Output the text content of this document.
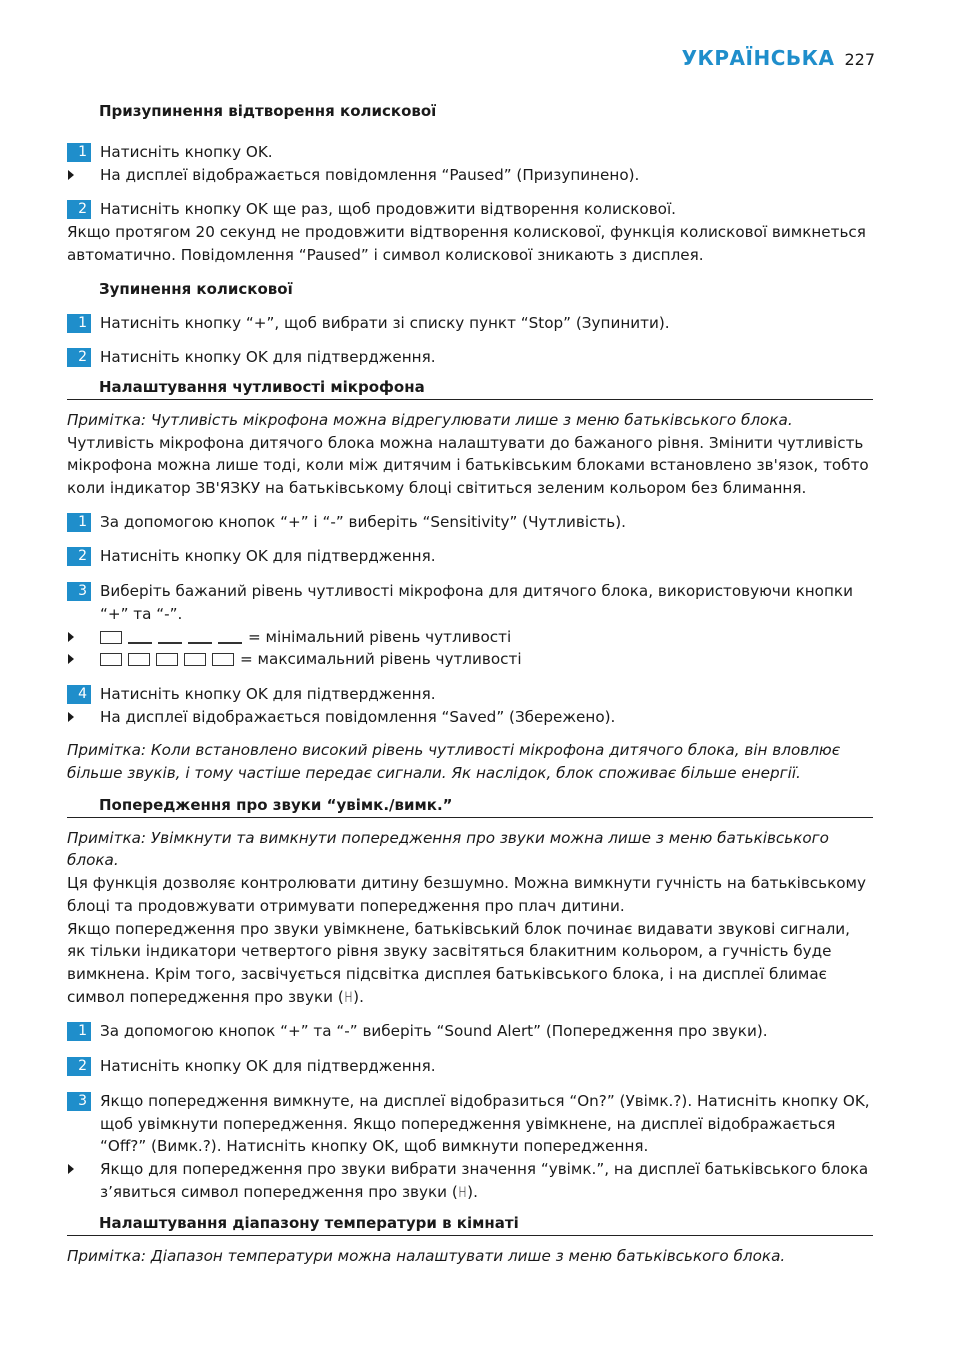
УКРАЇНСЬКА 227

Призупинення відтворення колискової

1 Натисніть кнопку OK.

На дисплеї відображається повідомлення “Paused” (Призупинено).

2 Натисніть кнопку OK ще раз, щоб продовжити відтворення колискової.

Якщо протягом 20 секунд не продовжити відтворення колискової, функція колискової вимкнеться автоматично. Повідомлення “Paused” і символ колискової зникають з дисплея.

Зупинення колискової

1 Натисніть кнопку “+”, щоб вибрати зі списку пункт “Stop” (Зупинити).

2 Натисніть кнопку OK для підтвердження.

Налаштування чутливості мікрофона

Примітка: Чутливість мікрофона можна відрегулювати лише з меню батьківського блока.

Чутливість мікрофона дитячого блока можна налаштувати до бажаного рівня. Змінити чутливість мікрофона можна лише тоді, коли між дитячим і батьківським блоками встановлено зв'язок, тобто коли індикатор ЗВ'ЯЗКУ на батьківському блоці світиться зеленим кольором без блимання.

1 За допомогою кнопок “+” і “-” виберіть “Sensitivity” (Чутливість).

2 Натисніть кнопку OK для підтвердження.

3 Виберіть бажаний рівень чутливості мікрофона для дитячого блока, використовуючи кнопки “+” та “-”.

= мінімальний рівень чутливості

= максимальний рівень чутливості

4 Натисніть кнопку OK для підтвердження.

На дисплеї відображається повідомлення “Saved” (Збережено).

Примітка: Коли встановлено високий рівень чутливості мікрофона дитячого блока, він вловлює більше звуків, і тому частіше передає сигнали. Як наслідок, блок споживає більше енергії.

Попередження про звуки “увімк./вимк.”

Примітка: Увімкнути та вимкнути попередження про звуки можна лише з меню батьківського блока.

Ця функція дозволяє контролювати дитину безшумно. Можна вимкнути гучність на батьківському блоці та продовжувати отримувати попередження про плач дитини.

Якщо попередження про звуки увімкнене, батьківський блок починає видавати звукові сигнали, як тільки індикатори четвертого рівня звуку засвітяться блакитним кольором, а гучність буде вимкнена. Крім того, засвічується підсвітка дисплея батьківського блока, і на дисплеї блимає символ попередження про звуки (ꀿ).

1 За допомогою кнопок “+” та “-” виберіть “Sound Alert” (Попередження про звуки).

2 Натисніть кнопку OK для підтвердження.

3 Якщо попередження вимкнуте, на дисплеї відобразиться “On?” (Увімк.?). Натисніть кнопку OK, щоб увімкнути попередження. Якщо попередження увімкнене, на дисплеї відображається “Off?” (Вимк.?). Натисніть кнопку OK, щоб вимкнути попередження.

Якщо для попередження про звуки вибрати значення “увімк.”, на дисплеї батьківського блока з’явиться символ попередження про звуки (ꀿ).

Налаштування діапазону температури в кімнаті

Примітка: Діапазон температури можна налаштувати лише з меню батьківського блока.
